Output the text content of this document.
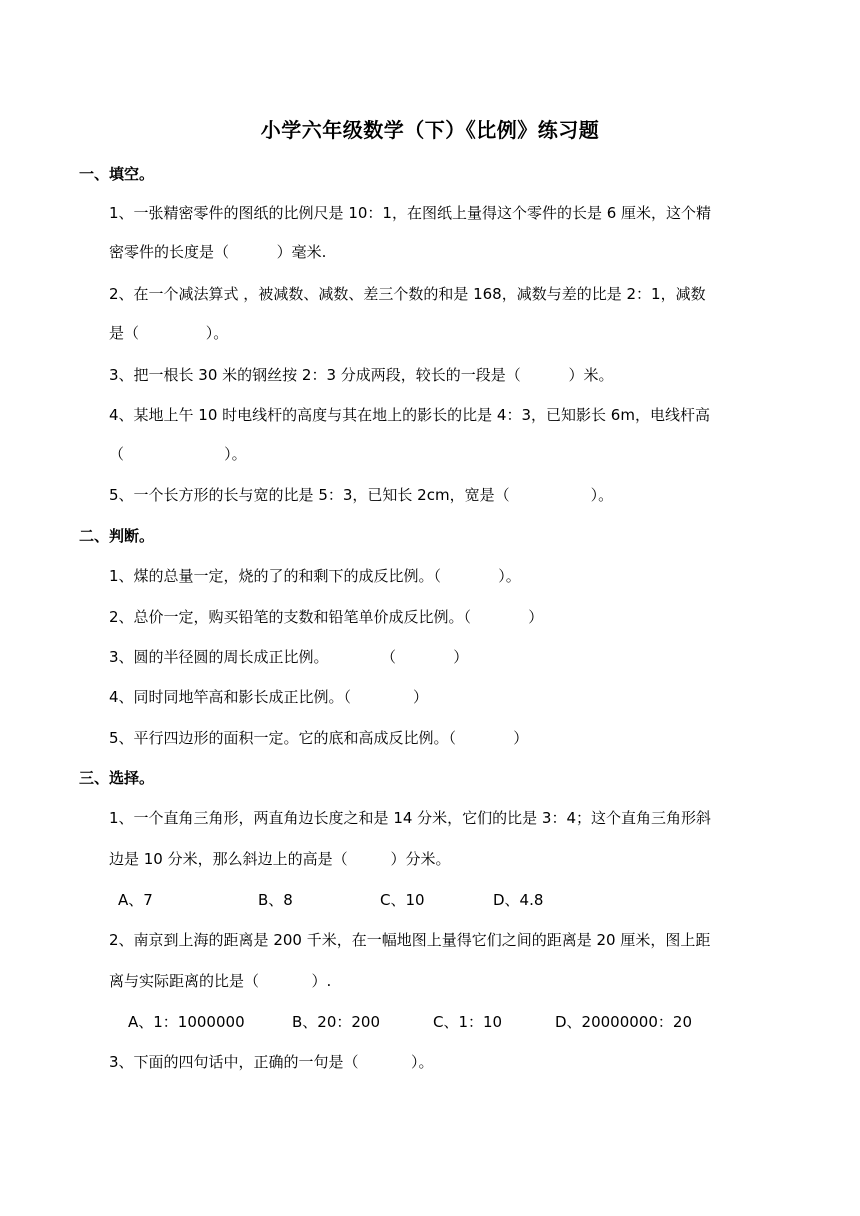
小学六年级数学（下）《比例》练习题
一、填空。
1、一张精密零件的图纸的比例尺是 10：1，在图纸上量得这个零件的长是 6 厘米，这个精
密零件的长度是（          ）毫米.
2、在一个减法算式 ，被减数、减数、差三个数的和是 168，减数与差的比是 2：1，减数
是（              ）。
3、把一根长 30 米的钢丝按 2：3 分成两段，较长的一段是（          ）米。
4、某地上午 10 时电线杆的高度与其在地上的影长的比是 4：3，已知影长 6m，电线杆高
（                     ）。
5、一个长方形的长与宽的比是 5：3，已知长 2cm，宽是（                 ）。
二、判断。
1、煤的总量一定，烧的了的和剩下的成反比例。（            ）。
2、总价一定，购买铅笔的支数和铅笔单价成反比例。（            ）
3、圆的半径圆的周长成正比例。           （            ）
4、同时同地竿高和影长成正比例。（             ）
5、平行四边形的面积一定。它的底和高成反比例。（            ）
三、选择。
1、一个直角三角形，两直角边长度之和是 14 分米，它们的比是 3：4；这个直角三角形斜
边是 10 分米，那么斜边上的高是（         ）分米。
A、7	B、8	C、10	D、4.8
2、南京到上海的距离是 200 千米，在一幅地图上量得它们之间的距离是 20 厘米，图上距
离与实际距离的比是（           ）.
A、1：1000000	B、20：200	C、1：10	D、20000000：20
3、下面的四句话中，正确的一句是（           ）。
